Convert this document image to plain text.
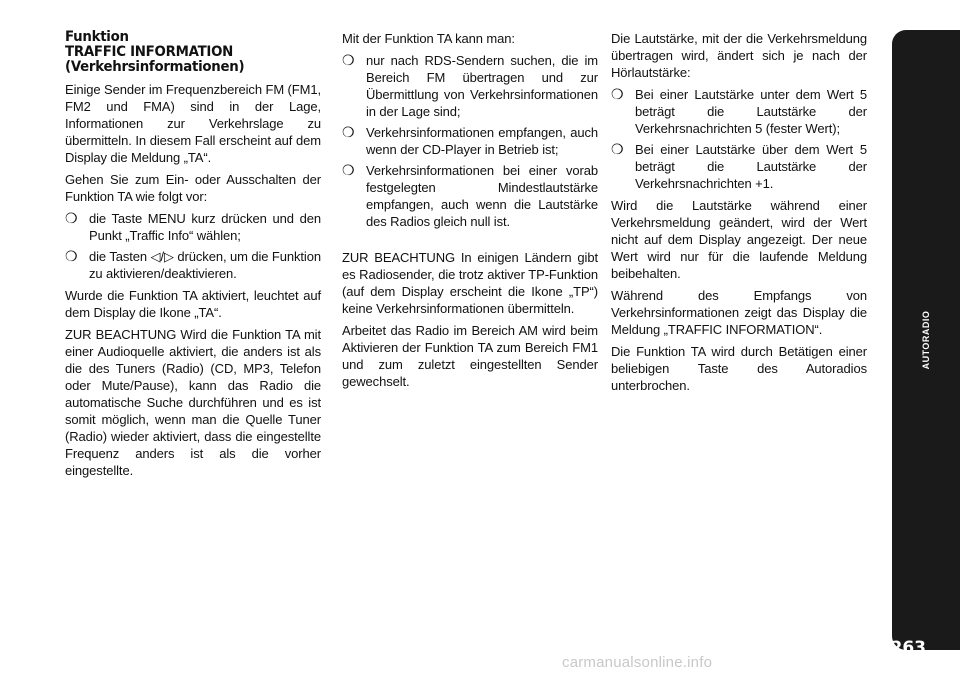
Funktion
TRAFFIC INFORMATION
(Verkehrsinformationen)

Einige Sender im Frequenzbereich FM (FM1, FM2 und FMA) sind in der Lage, Informationen zur Verkehrslage zu übermitteln. In diesem Fall erscheint auf dem Display die Meldung „TA“.

Gehen Sie zum Ein- oder Ausschalten der Funktion TA wie folgt vor:

❍ die Taste MENU kurz drücken und den Punkt „Traffic Info“ wählen;
❍ die Tasten ◁/▷ drücken, um die Funktion zu aktivieren/deaktivieren.

Wurde die Funktion TA aktiviert, leuchtet auf dem Display die Ikone „TA“.

ZUR BEACHTUNG Wird die Funktion TA mit einer Audioquelle aktiviert, die anders ist als die des Tuners (Radio) (CD, MP3, Telefon oder Mute/Pause), kann das Radio die automatische Suche durchführen und es ist somit möglich, wenn man die Quelle Tuner (Radio) wieder aktiviert, dass die eingestellte Frequenz anders ist als die vorher eingestellte.

Mit der Funktion TA kann man:

❍ nur nach RDS-Sendern suchen, die im Bereich FM übertragen und zur Übermittlung von Verkehrsinformationen in der Lage sind;
❍ Verkehrsinformationen empfangen, auch wenn der CD-Player in Betrieb ist;
❍ Verkehrsinformationen bei einer vorab festgelegten Mindestlautstärke empfangen, auch wenn die Lautstärke des Radios gleich null ist.

ZUR BEACHTUNG In einigen Ländern gibt es Radiosender, die trotz aktiver TP-Funktion (auf dem Display erscheint die Ikone „TP“) keine Verkehrsinformationen übermitteln.

Arbeitet das Radio im Bereich AM wird beim Aktivieren der Funktion TA zum Bereich FM1 und zum zuletzt eingestellten Sender gewechselt.

Die Lautstärke, mit der die Verkehrsmeldung übertragen wird, ändert sich je nach der Hörlautstärke:

❍ Bei einer Lautstärke unter dem Wert 5 beträgt die Lautstärke der Verkehrsnachrichten 5 (fester Wert);
❍ Bei einer Lautstärke über dem Wert 5 beträgt die Lautstärke der Verkehrsnachrichten +1.

Wird die Lautstärke während einer Verkehrsmeldung geändert, wird der Wert nicht auf dem Display angezeigt. Der neue Wert wird nur für die laufende Meldung beibehalten.

Während des Empfangs von Verkehrsinformationen zeigt das Display die Meldung „TRAFFIC INFORMATION“.

Die Funktion TA wird durch Betätigen einer beliebigen Taste des Autoradios unterbrochen.

AUTORADIO
263
carmanualsonline.info
